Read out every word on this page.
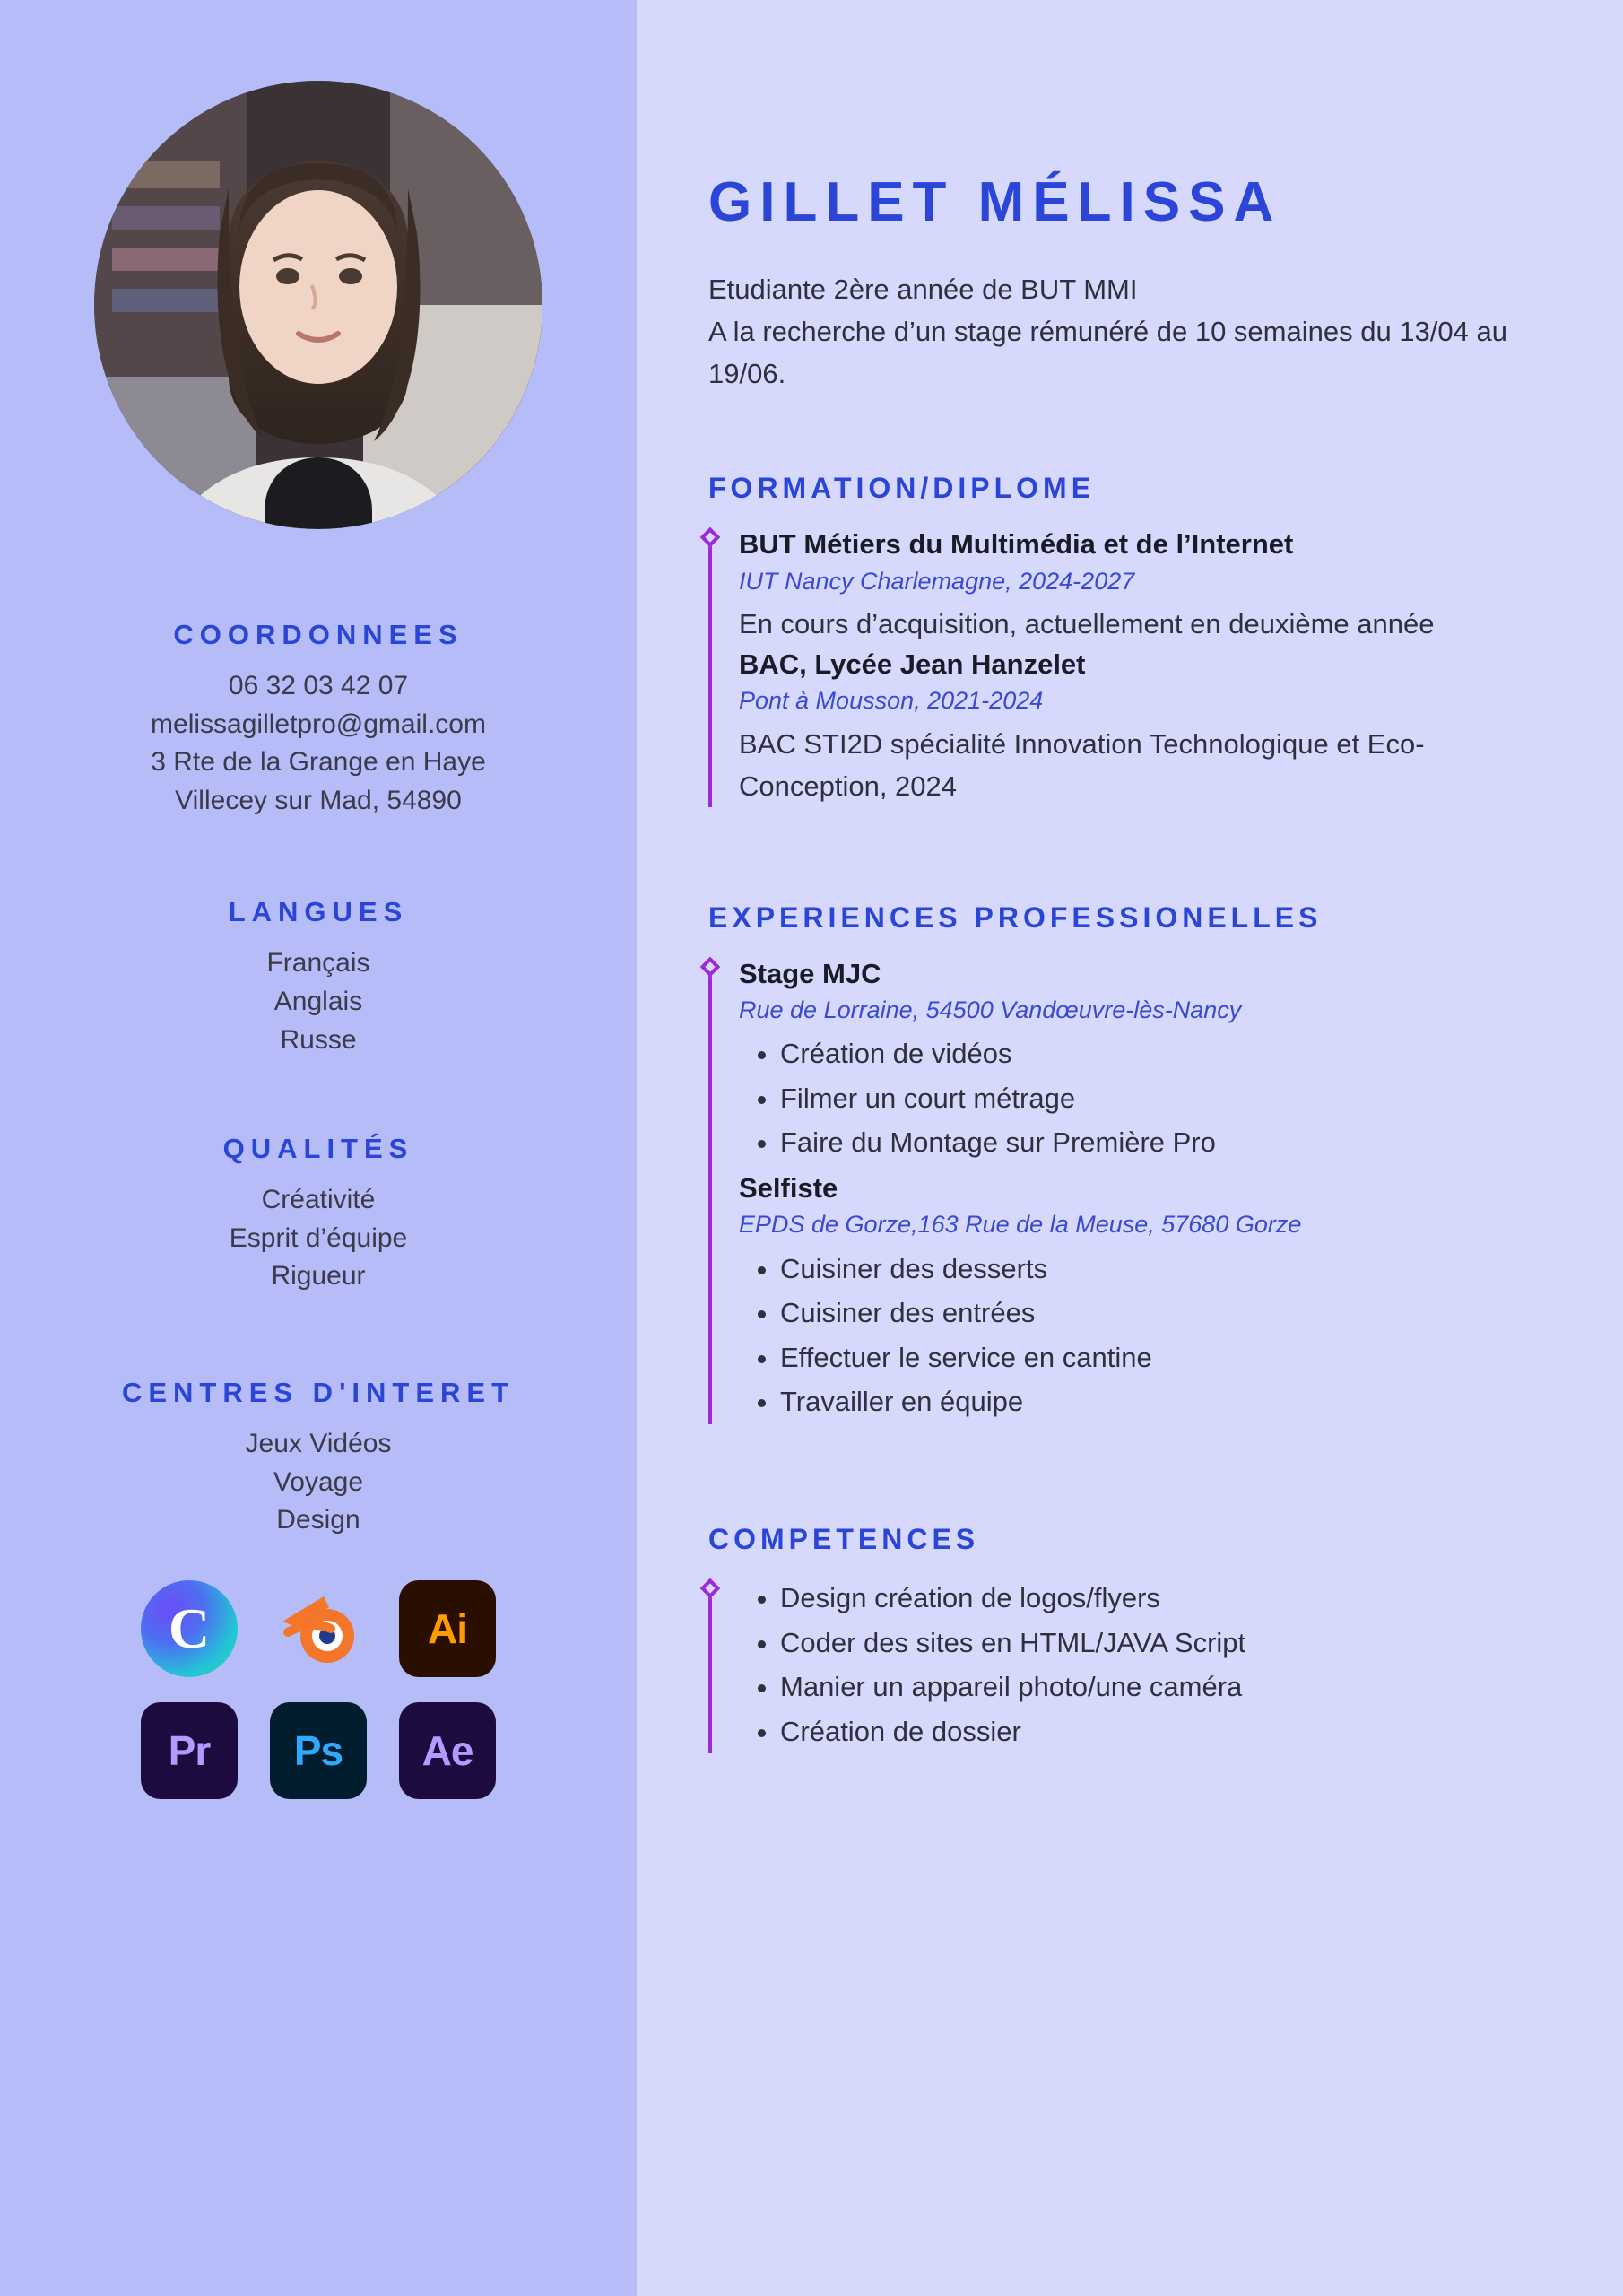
COORDONNEES
06 32 03 42 07
melissagilletpro@gmail.com
3 Rte de la Grange en Haye
Villecey sur Mad, 54890
LANGUES
Français
Anglais
Russe
QUALITÉS
Créativité
Esprit d’équipe
Rigueur
CENTRES D'INTERET
Jeux Vidéos
Voyage
Design
C	Ai
Pr Ps Ae
GILLET MÉLISSA
Etudiante 2ère année de BUT MMI
A la recherche d’un stage rémunéré de 10 semaines du 13/04 au 19/06.
FORMATION/DIPLOME
BUT Métiers du Multimédia et de l’Internet
IUT Nancy Charlemagne, 2024-2027
En cours d’acquisition, actuellement en deuxième année
BAC, Lycée Jean Hanzelet
Pont à Mousson, 2021-2024
BAC STI2D spécialité Innovation Technologique et Eco-Conception, 2024
EXPERIENCES PROFESSIONELLES
Stage MJC
Rue de Lorraine, 54500 Vandœuvre-lès-Nancy
• Création de vidéos
• Filmer un court métrage
• Faire du Montage sur Première Pro
Selfiste
EPDS de Gorze,163 Rue de la Meuse, 57680 Gorze
• Cuisiner des desserts
• Cuisiner des entrées
• Effectuer le service en cantine
• Travailler en équipe
COMPETENCES
• Design création de logos/flyers
• Coder des sites en HTML/JAVA Script
• Manier un appareil photo/une caméra
• Création de dossier
